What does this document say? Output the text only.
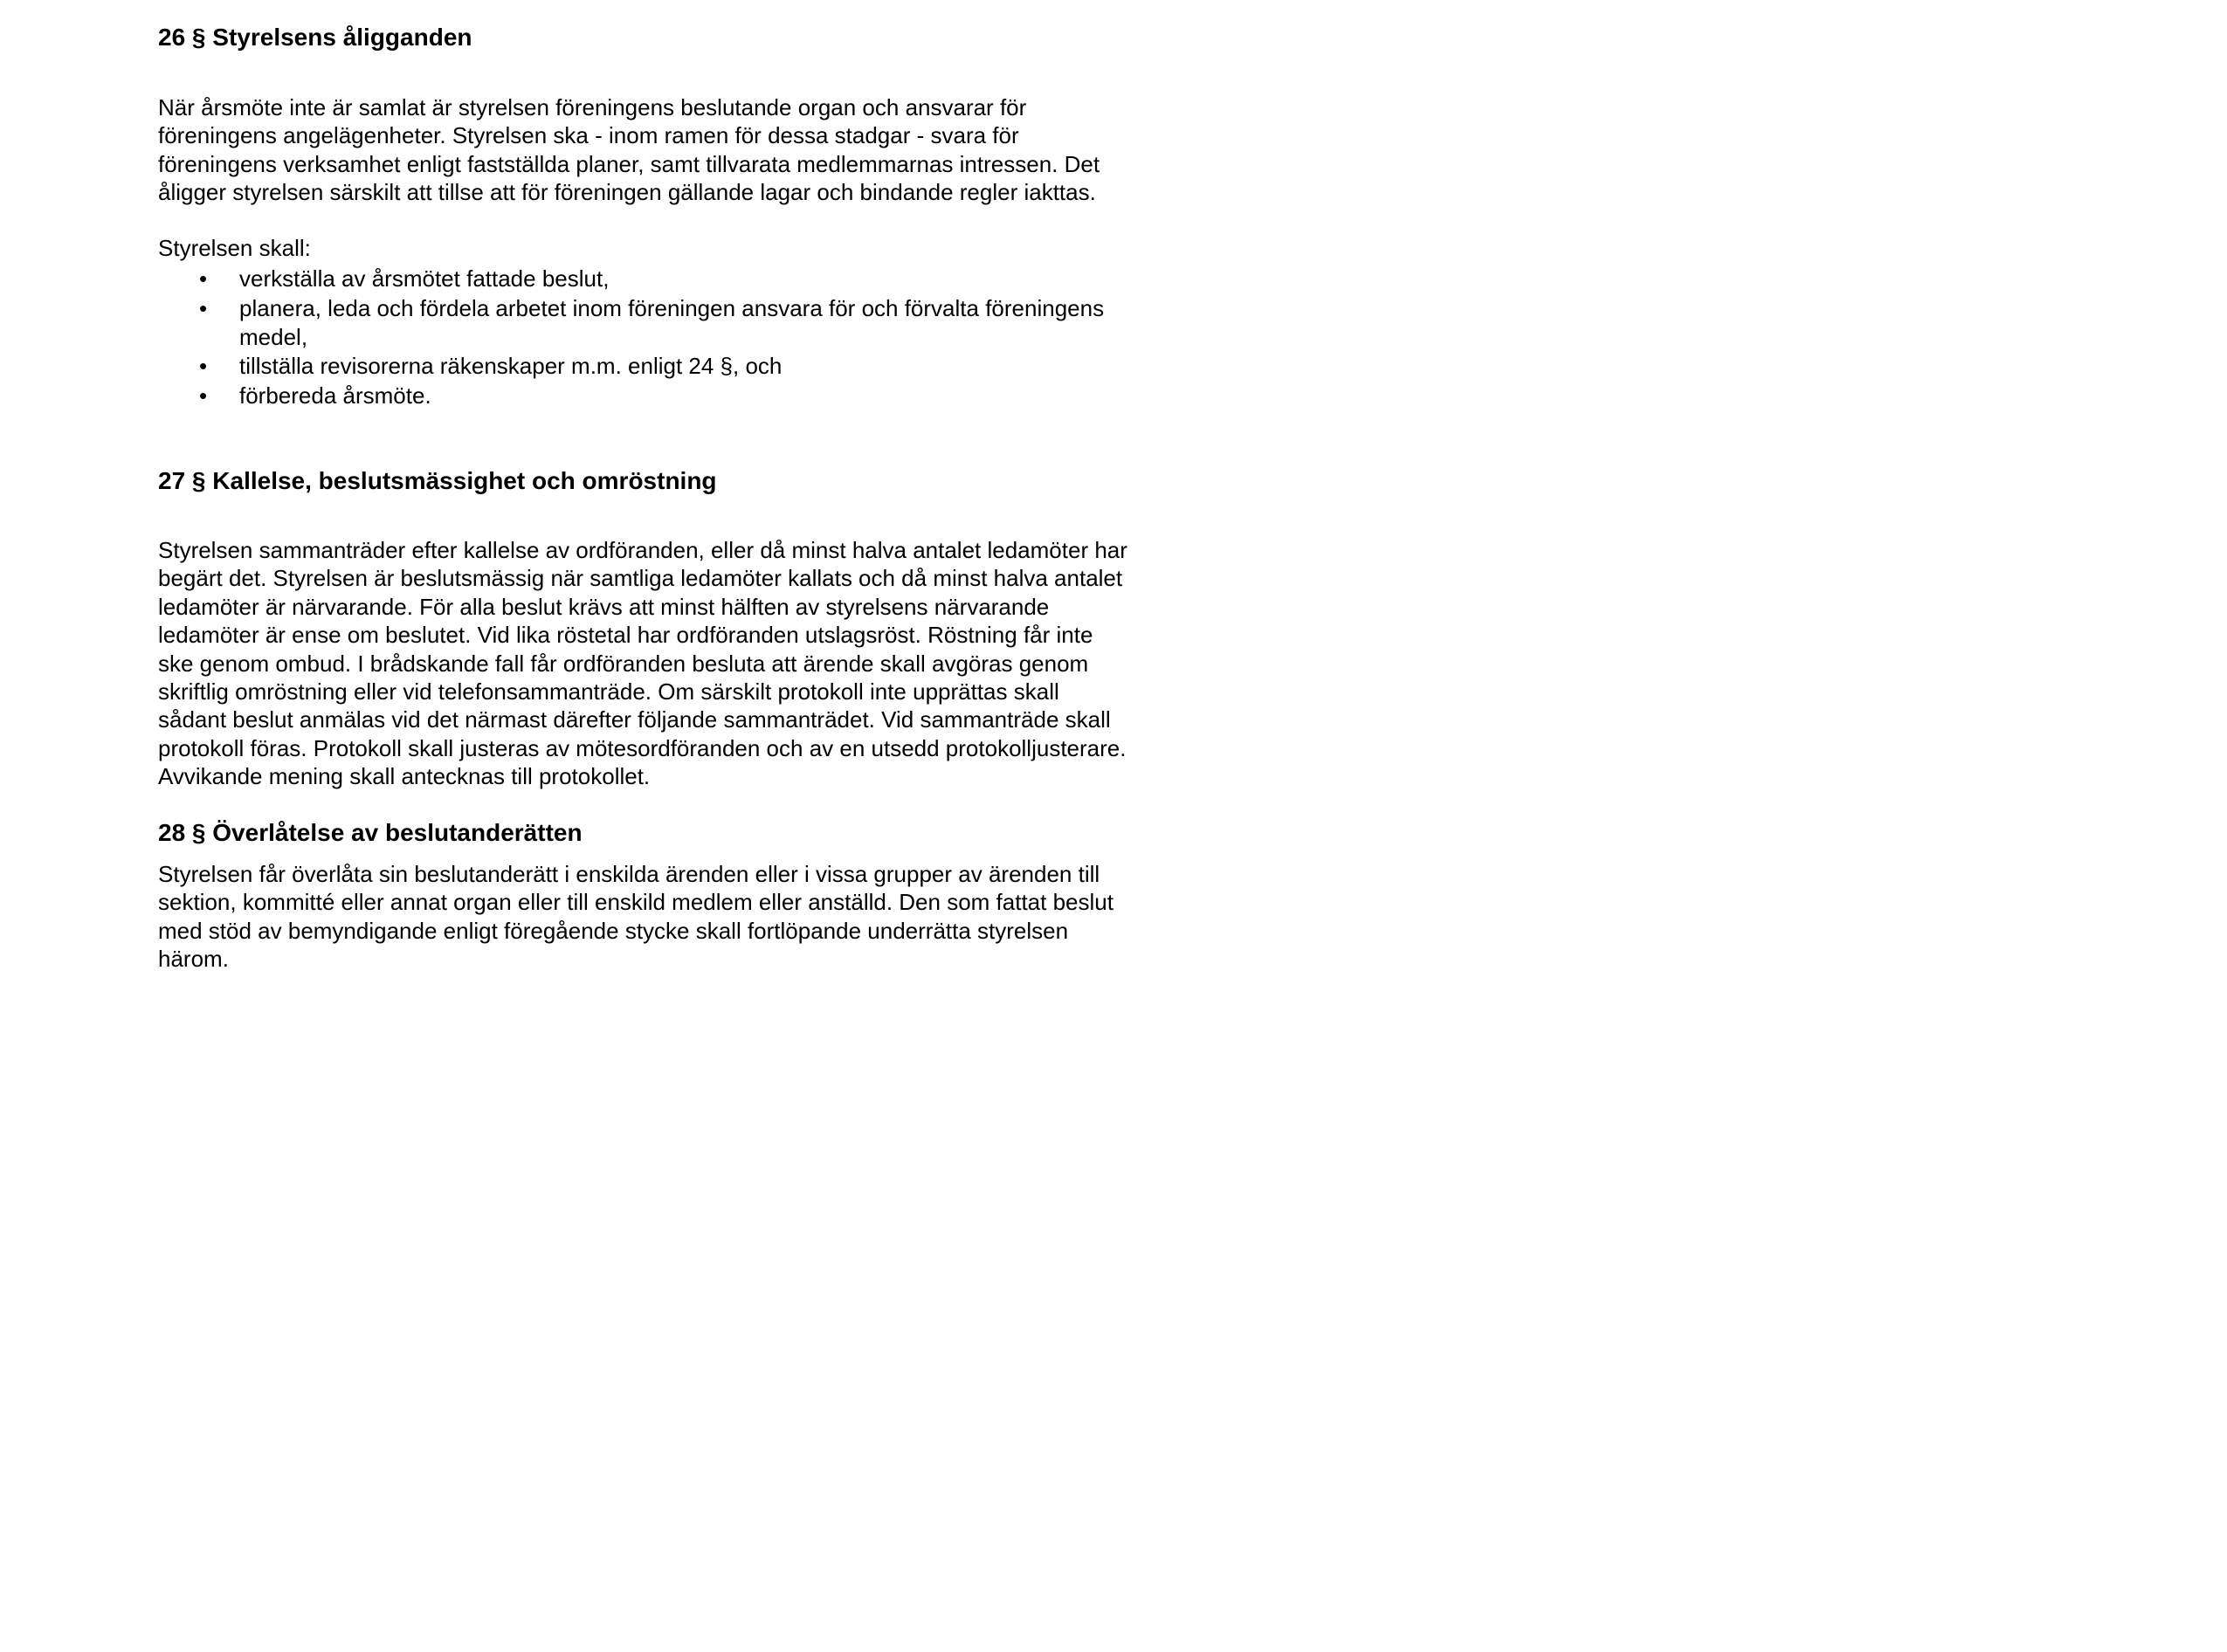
26 § Styrelsens åligganden
När årsmöte inte är samlat är styrelsen föreningens beslutande organ och ansvarar för
föreningens angelägenheter. Styrelsen ska - inom ramen för dessa stadgar - svara för
föreningens verksamhet enligt fastställda planer, samt tillvarata medlemmarnas intressen. Det
åligger styrelsen särskilt att tillse att för föreningen gällande lagar och bindande regler iakttas.

Styrelsen skall:

• verkställa av årsmötet fattade beslut,
• planera, leda och fördela arbetet inom föreningen ansvara för och förvalta föreningens
medel,
• tillställa revisorerna räkenskaper m.m. enligt 24 §, och
• förbereda årsmöte.
27 § Kallelse, beslutsmässighet och omröstning
Styrelsen sammanträder efter kallelse av ordföranden, eller då minst halva antalet ledamöter har
begärt det. Styrelsen är beslutsmässig när samtliga ledamöter kallats och då minst halva antalet
ledamöter är närvarande. För alla beslut krävs att minst hälften av styrelsens närvarande
ledamöter är ense om beslutet. Vid lika röstetal har ordföranden utslagsröst. Röstning får inte
ske genom ombud. I brådskande fall får ordföranden besluta att ärende skall avgöras genom
skriftlig omröstning eller vid telefonsammanträde. Om särskilt protokoll inte upprättas skall
sådant beslut anmälas vid det närmast därefter följande sammanträdet. Vid sammanträde skall
protokoll föras. Protokoll skall justeras av mötesordföranden och av en utsedd protokolljusterare.
Avvikande mening skall antecknas till protokollet.
28 § Överlåtelse av beslutanderätten
Styrelsen får överlåta sin beslutanderätt i enskilda ärenden eller i vissa grupper av ärenden till
sektion, kommitté eller annat organ eller till enskild medlem eller anställd. Den som fattat beslut
med stöd av bemyndigande enligt föregående stycke skall fortlöpande underrätta styrelsen
härom.
